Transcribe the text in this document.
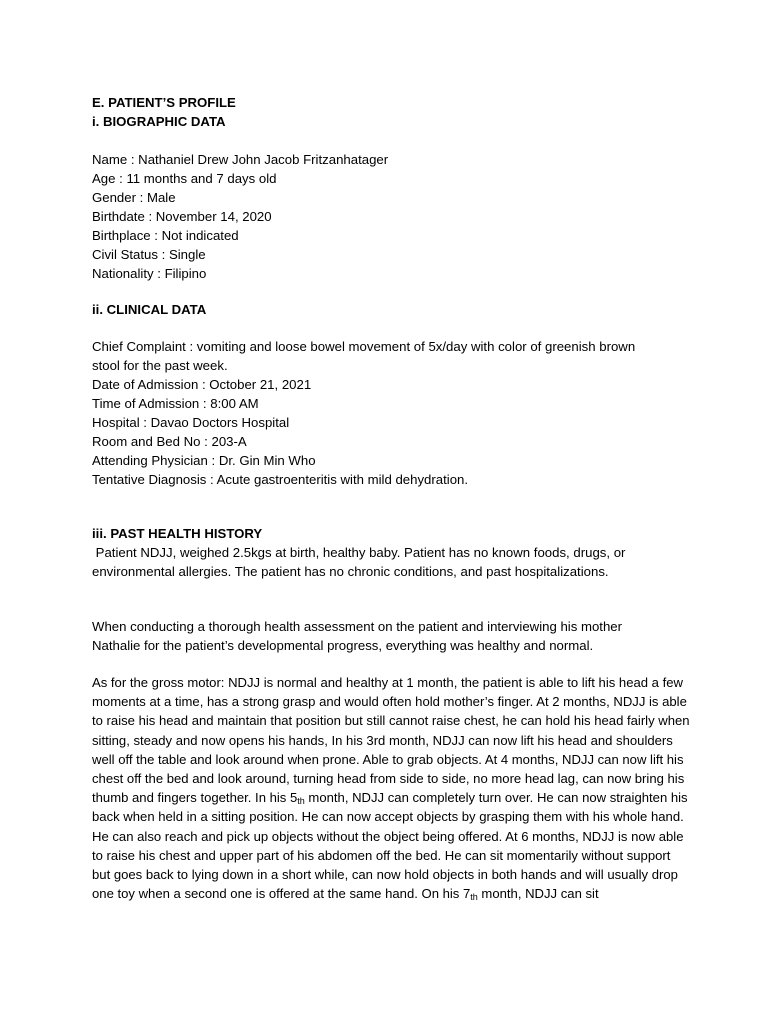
E. PATIENT’S PROFILE
i. BIOGRAPHIC DATA
Name : Nathaniel Drew John Jacob Fritzanhatager
Age : 11 months and 7 days old
Gender : Male
Birthdate : November 14, 2020
Birthplace : Not indicated
Civil Status : Single
Nationality : Filipino
ii. CLINICAL DATA
Chief Complaint : vomiting and loose bowel movement of 5x/day with color of greenish brown
stool for the past week.
Date of Admission : October 21, 2021
Time of Admission : 8:00 AM
Hospital : Davao Doctors Hospital
Room and Bed No : 203-A
Attending Physician : Dr. Gin Min Who
Tentative Diagnosis : Acute gastroenteritis with mild dehydration.
iii. PAST HEALTH HISTORY
Patient NDJJ, weighed 2.5kgs at birth, healthy baby. Patient has no known foods, drugs, or
environmental allergies. The patient has no chronic conditions, and past hospitalizations.
When conducting a thorough health assessment on the patient and interviewing his mother
Nathalie for the patient’s developmental progress, everything was healthy and normal.
As for the gross motor: NDJJ is normal and healthy at 1 month, the patient is able to lift his head a few moments at a time, has a strong grasp and would often hold mother’s finger. At 2 months, NDJJ is able to raise his head and maintain that position but still cannot raise chest, he can hold his head fairly when sitting, steady and now opens his hands, In his 3rd month, NDJJ can now lift his head and shoulders well off the table and look around when prone. Able to grab objects. At 4 months, NDJJ can now lift his chest off the bed and look around, turning head from side to side, no more head lag, can now bring his thumb and fingers together. In his $5_{th}$ month, NDJJ can completely turn over. He can now straighten his back when held in a sitting position. He can now accept objects by grasping them with his whole hand. He can also reach and pick up objects without the object being offered. At 6 months, NDJJ is now able to raise his chest and upper part of his abdomen off the bed. He can sit momentarily without support but goes back to lying down in a short while, can now hold objects in both hands and will usually drop one toy when a second one is offered at the same hand. On his $7_{th}$ month, NDJJ can sit
